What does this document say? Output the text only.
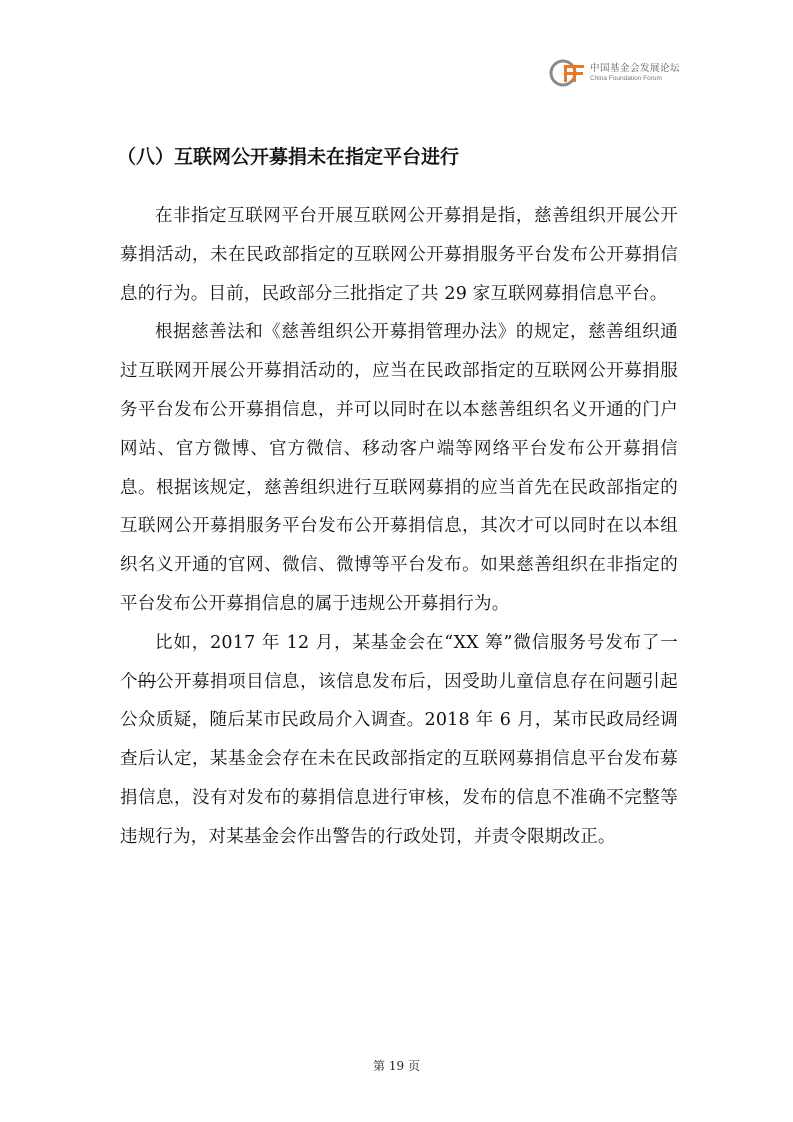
中国基金会发展论坛
China Foundation Forum
（八）互联网公开募捐未在指定平台进行

在非指定互联网平台开展互联网公开募捐是指，慈善组织开展公开募捐活动，未在民政部指定的互联网公开募捐服务平台发布公开募捐信息的行为。目前，民政部分三批指定了共 29 家互联网募捐信息平台。

根据慈善法和《慈善组织公开募捐管理办法》的规定，慈善组织通过互联网开展公开募捐活动的，应当在民政部指定的互联网公开募捐服务平台发布公开募捐信息，并可以同时在以本慈善组织名义开通的门户网站、官方微博、官方微信、移动客户端等网络平台发布公开募捐信息。根据该规定，慈善组织进行互联网募捐的应当首先在民政部指定的互联网公开募捐服务平台发布公开募捐信息，其次才可以同时在以本组织名义开通的官网、微信、微博等平台发布。如果慈善组织在非指定的平台发布公开募捐信息的属于违规公开募捐行为。

比如，2017 年 12 月，某基金会在“XX 筹”微信服务号发布了一个的公开募捐项目信息，该信息发布后，因受助儿童信息存在问题引起公众质疑，随后某市民政局介入调查。2018 年 6 月，某市民政局经调查后认定，某基金会存在未在民政部指定的互联网募捐信息平台发布募捐信息，没有对发布的募捐信息进行审核，发布的信息不准确不完整等违规行为，对某基金会作出警告的行政处罚，并责令限期改正。

第 19 页
